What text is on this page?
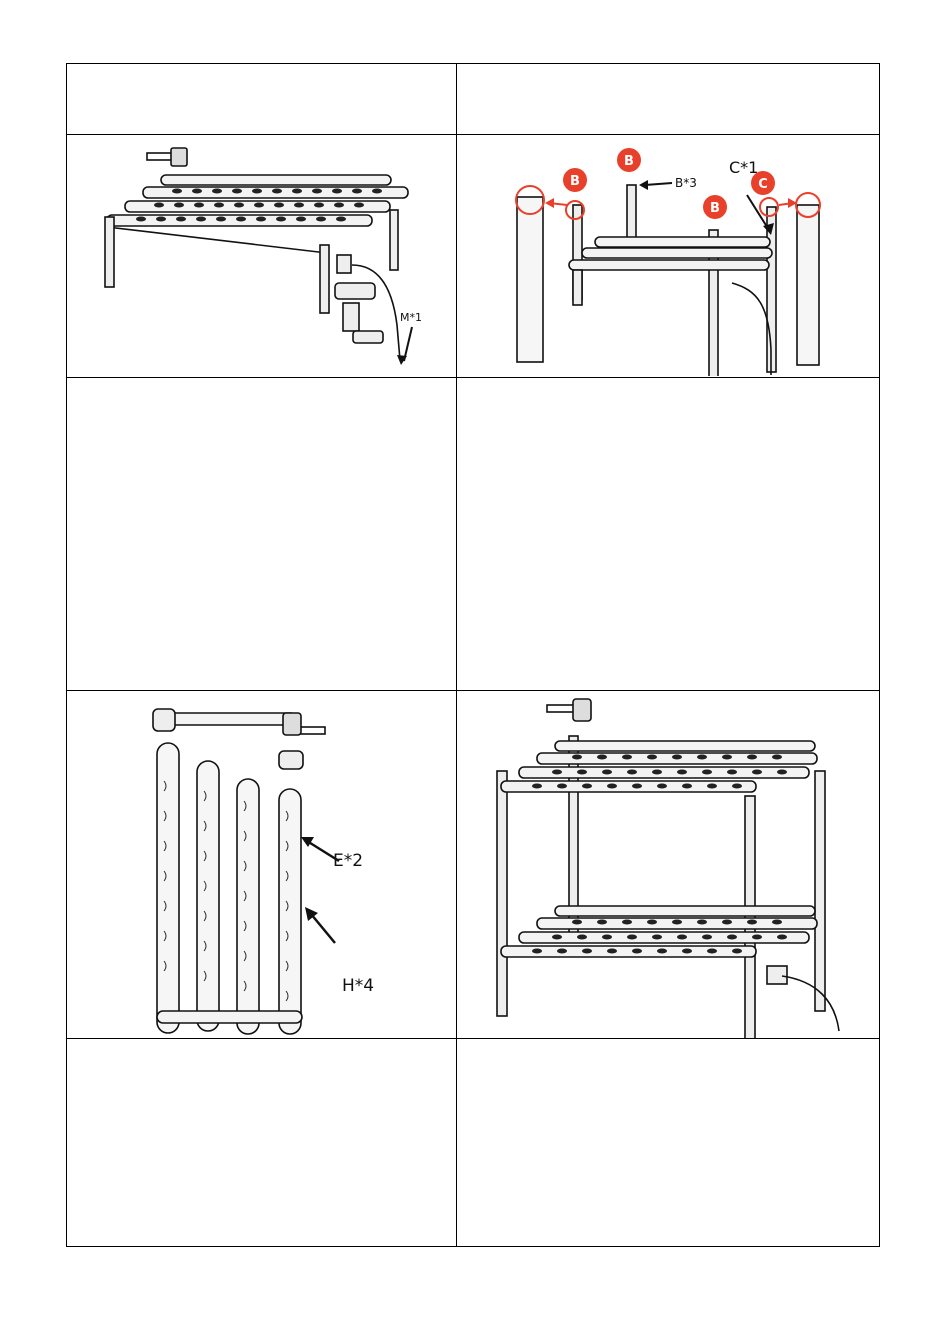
M*1
B
B
B
C
B*3
C*1
E*2
H*4
